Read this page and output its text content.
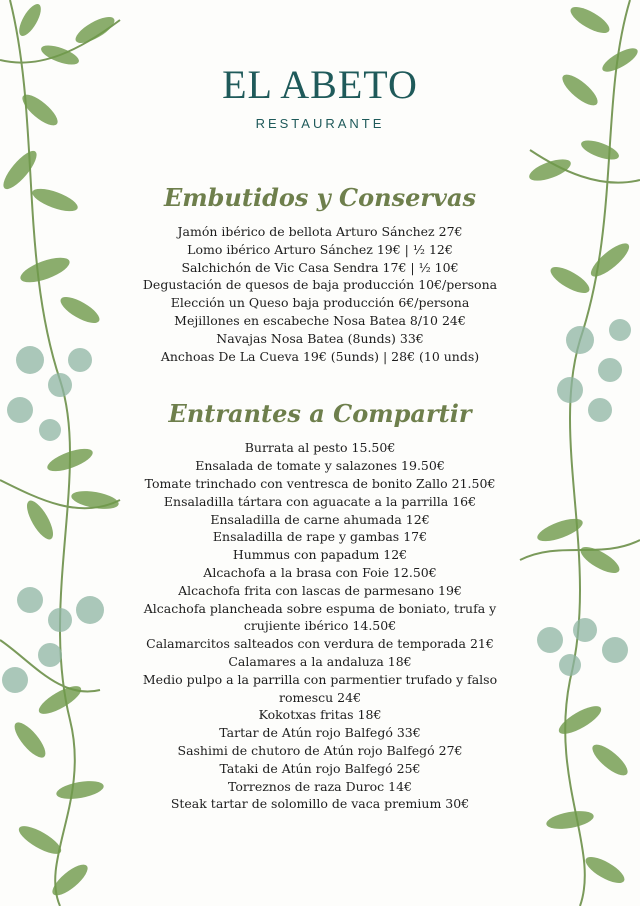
EL ABETO
RESTAURANTE
Embutidos y Conservas
Jamón ibérico de bellota Arturo Sánchez 27€
Lomo ibérico Arturo Sánchez 19€ | ½ 12€
Salchichón de Vic Casa Sendra 17€ | ½ 10€
Degustación de quesos de baja producción 10€/persona
Elección un Queso baja producción 6€/persona
Mejillones en escabeche Nosa Batea 8/10 24€
Navajas Nosa Batea (8unds) 33€
Anchoas De La Cueva 19€ (5unds) | 28€ (10 unds)
Entrantes a Compartir
Burrata al pesto 15.50€
Ensalada de tomate y salazones 19.50€
Tomate trinchado con ventresca de bonito Zallo 21.50€
Ensaladilla tártara con aguacate a la parrilla 16€
Ensaladilla de carne ahumada 12€
Ensaladilla de rape y gambas 17€
Hummus con papadum 12€
Alcachofa a la brasa con Foie 12.50€
Alcachofa frita con lascas de parmesano 19€
Alcachofa plancheada sobre espuma de boniato, trufa y crujiente ibérico 14.50€
Calamarcitos salteados con verdura de temporada 21€
Calamares a la andaluza 18€
Medio pulpo a la parrilla con parmentier trufado y falso romescu 24€
Kokotxas fritas 18€
Tartar de Atún rojo Balfegó 33€
Sashimi de chutoro de Atún rojo Balfegó 27€
Tataki de Atún rojo Balfegó 25€
Torreznos de raza Duroc 14€
Steak tartar de solomillo de vaca premium 30€
